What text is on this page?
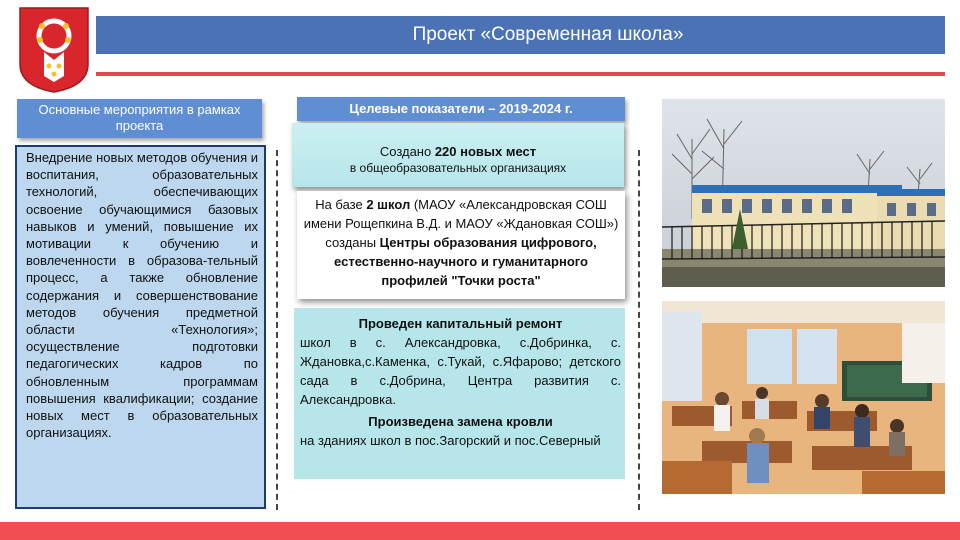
Проект «Современная школа»
Основные мероприятия в рамках проекта
Внедрение новых методов обучения и воспитания, образовательных технологий, обеспечивающих освоение обучающимися базовых навыков и умений, повышение их мотивации к обучению и вовлеченности в образова-тельный процесс, а также обновление содержания и совершенствование методов обучения предметной области «Технология»; осуществление подготовки педагогических кадров по обновленным программам повышения квалификации; создание новых мест в образовательных организациях.
Целевые показатели – 2019-2024 г.
Создано 220 новых мест
в общеобразовательных организациях
На базе 2 школ (МАОУ «Александровская СОШ имени Рощепкина В.Д. и МАОУ «Ждановкая СОШ») созданы Центры образования цифрового, естественно-научного и гуманитарного профилей "Точки роста"
Проведен капитальный ремонт
школ в с. Александровка, с.Добринка, с. Ждановка,с.Каменка, с.Тукай, с.Яфарово; детского сада в с.Добрина, Центра развития с. Александровка.
Произведена замена кровли
на зданиях школ в пос.Загорский и пос.Северный
